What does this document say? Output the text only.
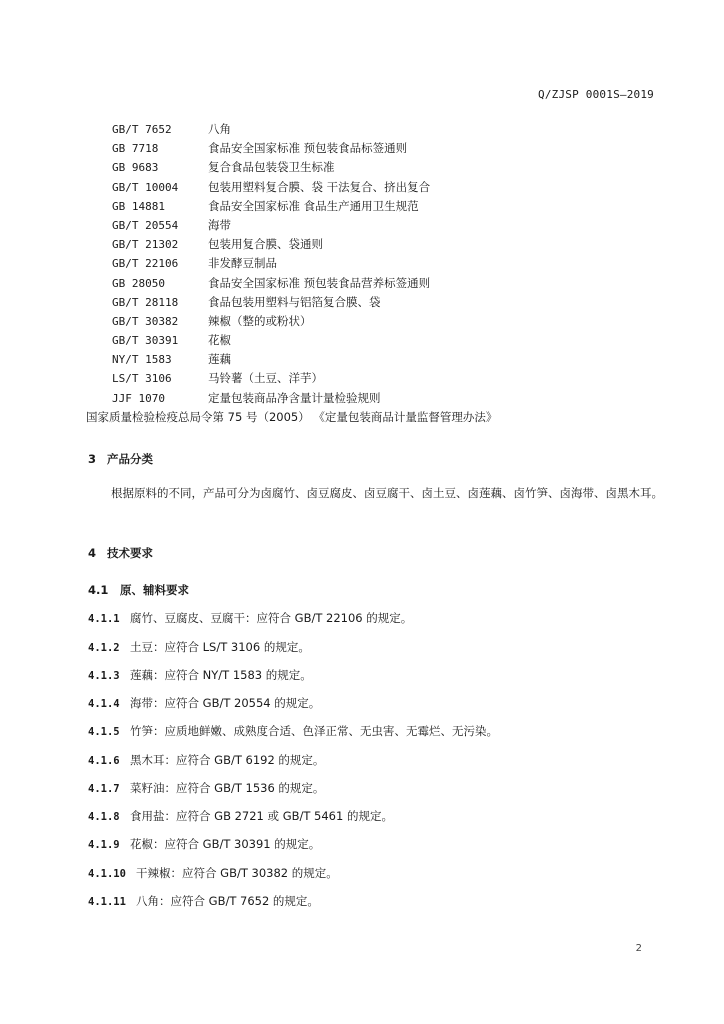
Q/ZJSP 0001S—2019
GB/T 7652	八角
GB 7718	食品安全国家标准 预包装食品标签通则
GB 9683	复合食品包装袋卫生标准
GB/T 10004	包装用塑料复合膜、袋 干法复合、挤出复合
GB 14881	食品安全国家标准 食品生产通用卫生规范
GB/T 20554	海带
GB/T 21302	包装用复合膜、袋通则
GB/T 22106	非发酵豆制品
GB 28050	食品安全国家标准 预包装食品营养标签通则
GB/T 28118	食品包装用塑料与铝箔复合膜、袋
GB/T 30382	辣椒（整的或粉状）
GB/T 30391	花椒
NY/T 1583	莲藕
LS/T 3106	马铃薯（土豆、洋芋）
JJF 1070	定量包装商品净含量计量检验规则
国家质量检验检疫总局令第 75 号（2005） 《定量包装商品计量监督管理办法》
3 产品分类
根据原料的不同，产品可分为卤腐竹、卤豆腐皮、卤豆腐干、卤土豆、卤莲藕、卤竹笋、卤海带、卤黑木耳。
4 技术要求
4.1 原、辅料要求
4.1.1 腐竹、豆腐皮、豆腐干：应符合 GB/T 22106 的规定。
4.1.2 土豆：应符合 LS/T 3106 的规定。
4.1.3 莲藕：应符合 NY/T 1583 的规定。
4.1.4 海带：应符合 GB/T 20554 的规定。
4.1.5 竹笋：应质地鲜嫩、成熟度合适、色泽正常、无虫害、无霉烂、无污染。
4.1.6 黑木耳：应符合 GB/T 6192 的规定。
4.1.7 菜籽油：应符合 GB/T 1536 的规定。
4.1.8 食用盐：应符合 GB 2721 或 GB/T 5461 的规定。
4.1.9 花椒：应符合 GB/T 30391 的规定。
4.1.10 干辣椒：应符合 GB/T 30382 的规定。
4.1.11 八角：应符合 GB/T 7652 的规定。
2
